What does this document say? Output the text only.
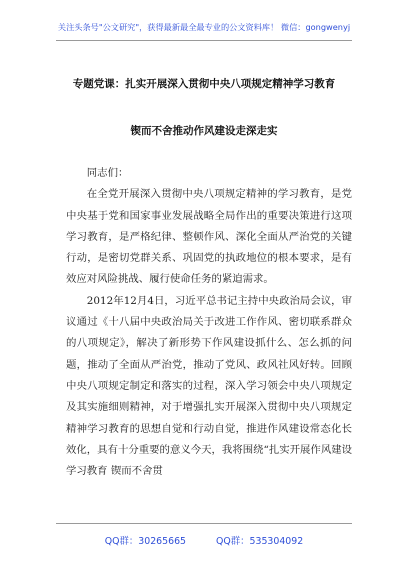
关注头条号"公文研究"，获得最新最全最专业的公文资料库！ 微信：gongwenyj
专题党课：扎实开展深入贯彻中央八项规定精神学习教育
锲而不舍推动作风建设走深走实

同志们：

在全党开展深入贯彻中央八项规定精神的学习教育，是党中央基于党和国家事业发展战略全局作出的重要决策进行这项学习教育，是严格纪律、整顿作风、深化全面从严治党的关键行动，是密切党群关系、巩固党的执政地位的根本要求，是有效应对风险挑战、履行使命任务的紧迫需求。

2012年12月4日，习近平总书记主持中央政治局会议，审议通过《十八届中央政治局关于改进工作作风、密切联系群众的八项规定》，解决了新形势下作风建设抓什么、怎么抓的问题，推动了全面从严治党，推动了党风、政风社风好转。回顾中央八项规定制定和落实的过程，深入学习领会中央八项规定及其实施细则精神，对于增强扎实开展深入贯彻中央八项规定精神学习教育的思想自觉和行动自觉，推进作风建设常态化长效化，具有十分重要的意义今天，我将围绕“扎实开展作风建设学习教育 锲而不舍贯

QQ群：30265665	QQ群：535304092
